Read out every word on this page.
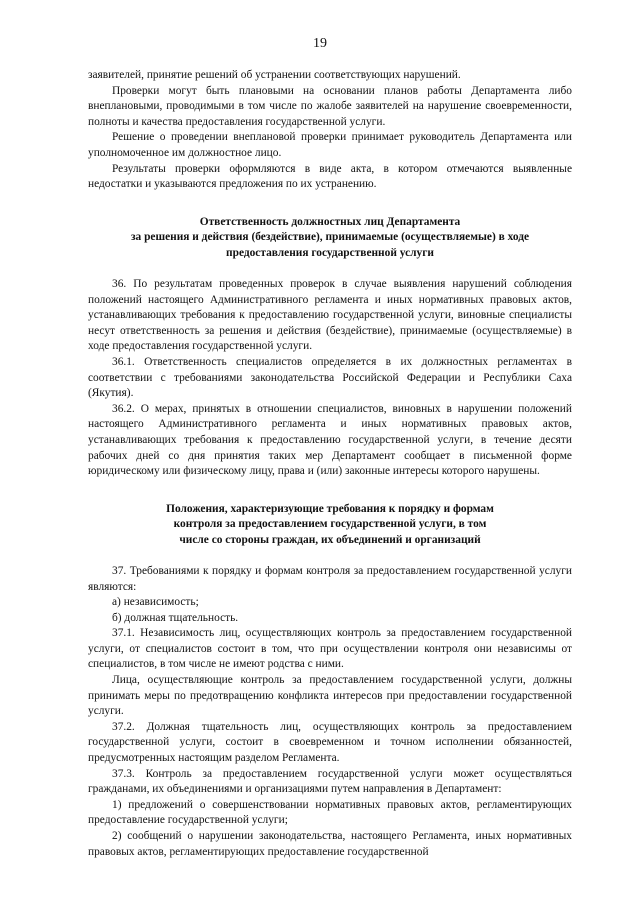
19

заявителей, принятие решений об устранении соответствующих нарушений.

Проверки могут быть плановыми на основании планов работы Департамента либо внеплановыми, проводимыми в том числе по жалобе заявителей на нарушение своевременности, полноты и качества предоставления государственной услуги.

Решение о проведении внеплановой проверки принимает руководитель Департамента или уполномоченное им должностное лицо.

Результаты проверки оформляются в виде акта, в котором отмечаются выявленные недостатки и указываются предложения по их устранению.

Ответственность должностных лиц Департамента

за решения и действия (бездействие), принимаемые (осуществляемые) в ходе

предоставления государственной услуги

36. По результатам проведенных проверок в случае выявления нарушений соблюдения положений настоящего Административного регламента и иных нормативных правовых актов, устанавливающих требования к предоставлению государственной услуги, виновные специалисты несут ответственность за решения и действия (бездействие), принимаемые (осуществляемые) в ходе предоставления государственной услуги.

36.1. Ответственность специалистов определяется в их должностных регламентах в соответствии с требованиями законодательства Российской Федерации и Республики Саха (Якутия).

36.2. О мерах, принятых в отношении специалистов, виновных в нарушении положений настоящего Административного регламента и иных нормативных правовых актов, устанавливающих требования к предоставлению государственной услуги, в течение десяти рабочих дней со дня принятия таких мер Департамент сообщает в письменной форме юридическому или физическому лицу, права и (или) законные интересы которого нарушены.

Положения, характеризующие требования к порядку и формам

контроля за предоставлением государственной услуги, в том

числе со стороны граждан, их объединений и организаций

37. Требованиями к порядку и формам контроля за предоставлением государственной услуги являются:

а) независимость;

б) должная тщательность.

37.1. Независимость лиц, осуществляющих контроль за предоставлением государственной услуги, от специалистов состоит в том, что при осуществлении контроля они независимы от специалистов, в том числе не имеют родства с ними.

Лица, осуществляющие контроль за предоставлением государственной услуги, должны принимать меры по предотвращению конфликта интересов при предоставлении государственной услуги.

37.2. Должная тщательность лиц, осуществляющих контроль за предоставлением государственной услуги, состоит в своевременном и точном исполнении обязанностей, предусмотренных настоящим разделом Регламента.

37.3. Контроль за предоставлением государственной услуги может осуществляться гражданами, их объединениями и организациями путем направления в Департамент:

1) предложений о совершенствовании нормативных правовых актов, регламентирующих предоставление государственной услуги;

2) сообщений о нарушении законодательства, настоящего Регламента, иных нормативных правовых актов, регламентирующих предоставление государственной
